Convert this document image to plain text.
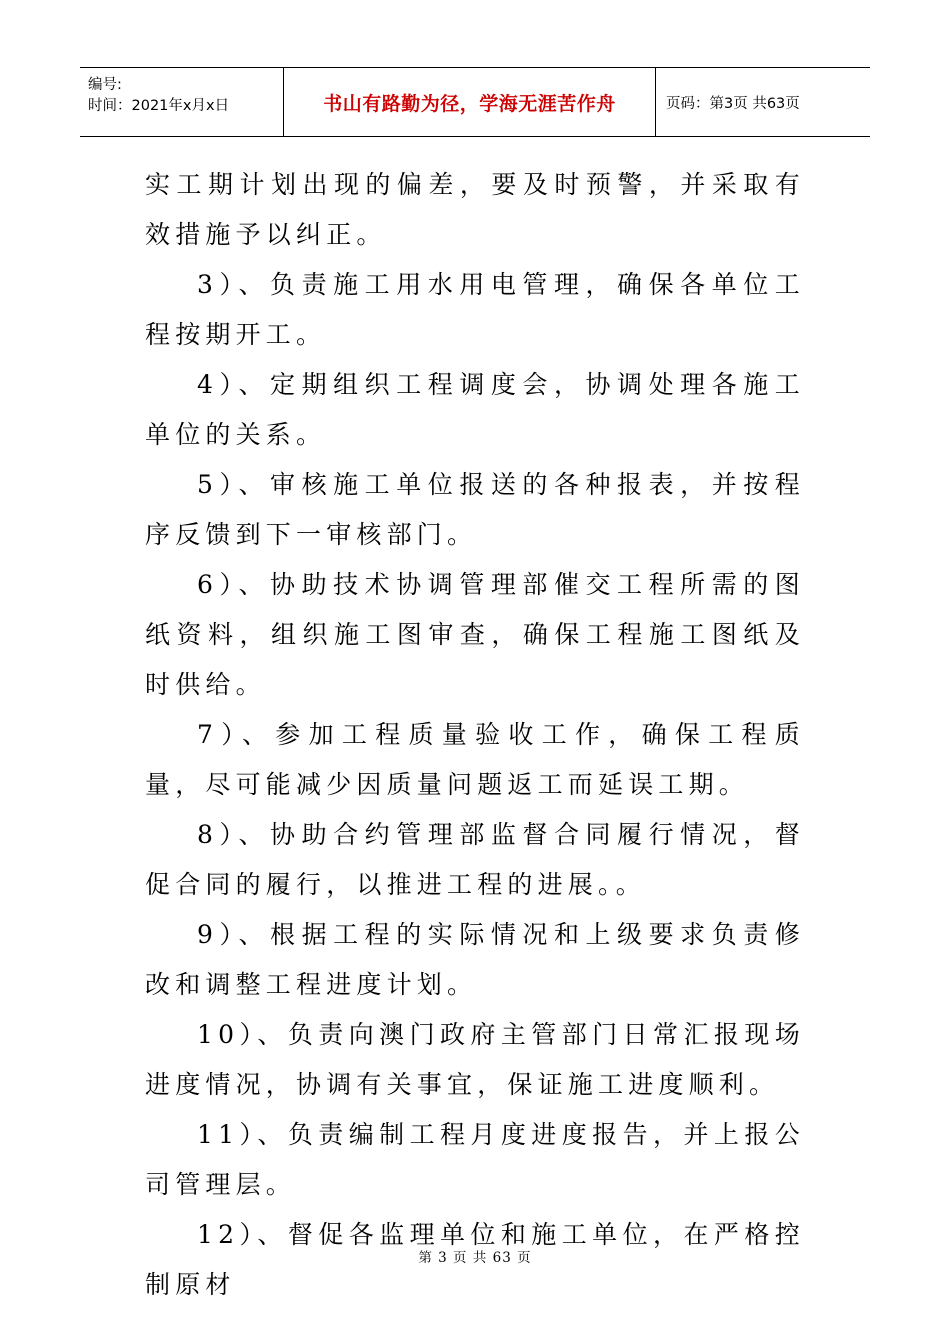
编号:
时间：2021年x月x日	书山有路勤为径，学海无涯苦作舟	页码：第3页 共63页

实工期计划出现的偏差，要及时预警，并采取有效措施予以纠正。

3）、负责施工用水用电管理，确保各单位工程按期开工。

4）、定期组织工程调度会，协调处理各施工单位的关系。

5）、审核施工单位报送的各种报表，并按程序反馈到下一审核部门。

6）、协助技术协调管理部催交工程所需的图纸资料，组织施工图审查，确保工程施工图纸及时供给。

7）、参加工程质量验收工作，确保工程质量，尽可能减少因质量问题返工而延误工期。

8）、协助合约管理部监督合同履行情况，督促合同的履行，以推进工程的进展。。

9）、根据工程的实际情况和上级要求负责修改和调整工程进度计划。

10）、负责向澳门政府主管部门日常汇报现场进度情况，协调有关事宜，保证施工进度顺利。

11）、负责编制工程月度进度报告，并上报公司管理层。

12）、督促各监理单位和施工单位，在严格控制原材

第 3 页 共 63 页
